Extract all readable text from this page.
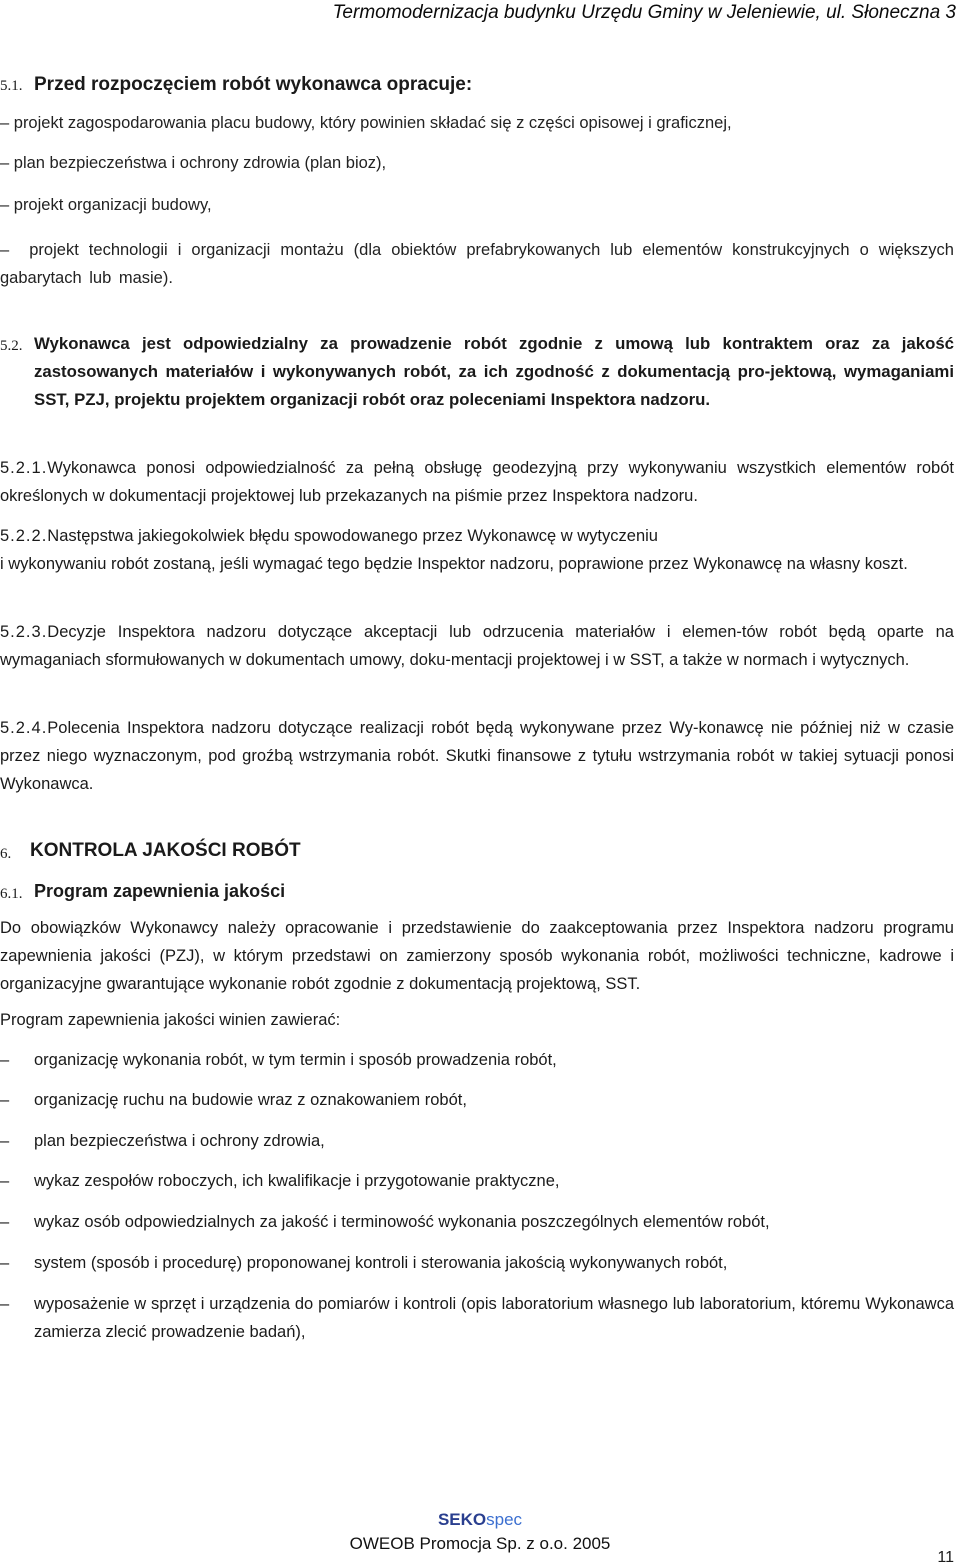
Termomodernizacja budynku Urzędu Gminy w Jeleniewie, ul. Słoneczna 3
5.1. Przed rozpoczęciem robót wykonawca opracuje:
– projekt zagospodarowania placu budowy, który powinien składać się z części opisowej i graficznej,
– plan bezpieczeństwa i ochrony zdrowia (plan bioz),
– projekt organizacji budowy,
–  projekt technologii i organizacji montażu (dla obiektów prefabrykowanych lub elementów konstrukcyjnych o większych gabarytach lub masie).
5.2. Wykonawca jest odpowiedzialny za prowadzenie robót zgodnie z umową lub kontraktem oraz za jakość zastosowanych materiałów i wykonywanych robót, za ich zgodność z dokumentacją pro-jektową, wymaganiami SST, PZJ, projektu projektem organizacji robót oraz poleceniami Inspektora nadzoru.
5.2.1.Wykonawca ponosi odpowiedzialność za pełną obsługę geodezyjną przy wykonywaniu wszystkich elementów robót określonych w dokumentacji projektowej lub przekazanych na piśmie przez Inspektora nadzoru.
5.2.2.Następstwa jakiegokolwiek błędu spowodowanego przez Wykonawcę w wytyczeniu
i wykonywaniu robót zostaną, jeśli wymagać tego będzie Inspektor nadzoru, poprawione przez Wykonawcę na własny koszt.
5.2.3.Decyzje Inspektora nadzoru dotyczące akceptacji lub odrzucenia materiałów i elemen-tów robót będą oparte na wymaganiach sformułowanych w dokumentach umowy, doku-mentacji projektowej i w SST, a także w normach i wytycznych.
5.2.4.Polecenia Inspektora nadzoru dotyczące realizacji robót będą wykonywane przez Wy-konawcę nie później niż w czasie przez niego wyznaczonym, pod groźbą wstrzymania robót. Skutki finansowe z tytułu wstrzymania robót w takiej sytuacji ponosi Wykonawca.
6. KONTROLA JAKOŚCI ROBÓT
6.1. Program zapewnienia jakości
Do obowiązków Wykonawcy należy opracowanie i przedstawienie do zaakceptowania przez Inspektora nadzoru programu zapewnienia jakości (PZJ), w którym przedstawi on zamierzony sposób wykonania robót, możliwości techniczne, kadrowe i organizacyjne gwarantujące wykonanie robót zgodnie z dokumentacją projektową, SST.
Program zapewnienia jakości winien zawierać:
– organizację wykonania robót, w tym termin i sposób prowadzenia robót,
– organizację ruchu na budowie wraz z oznakowaniem robót,
– plan bezpieczeństwa i ochrony zdrowia,
– wykaz zespołów roboczych, ich kwalifikacje i przygotowanie praktyczne,
– wykaz osób odpowiedzialnych za jakość i terminowość wykonania poszczególnych elementów robót,
– system (sposób i procedurę) proponowanej kontroli i sterowania jakością wykonywanych robót,
– wyposażenie w sprzęt i urządzenia do pomiarów i kontroli (opis laboratorium własnego lub laboratorium, któremu Wykonawca zamierza zlecić prowadzenie badań),
SEKOspec
OWEOB Promocja Sp. z o.o. 2005
11
